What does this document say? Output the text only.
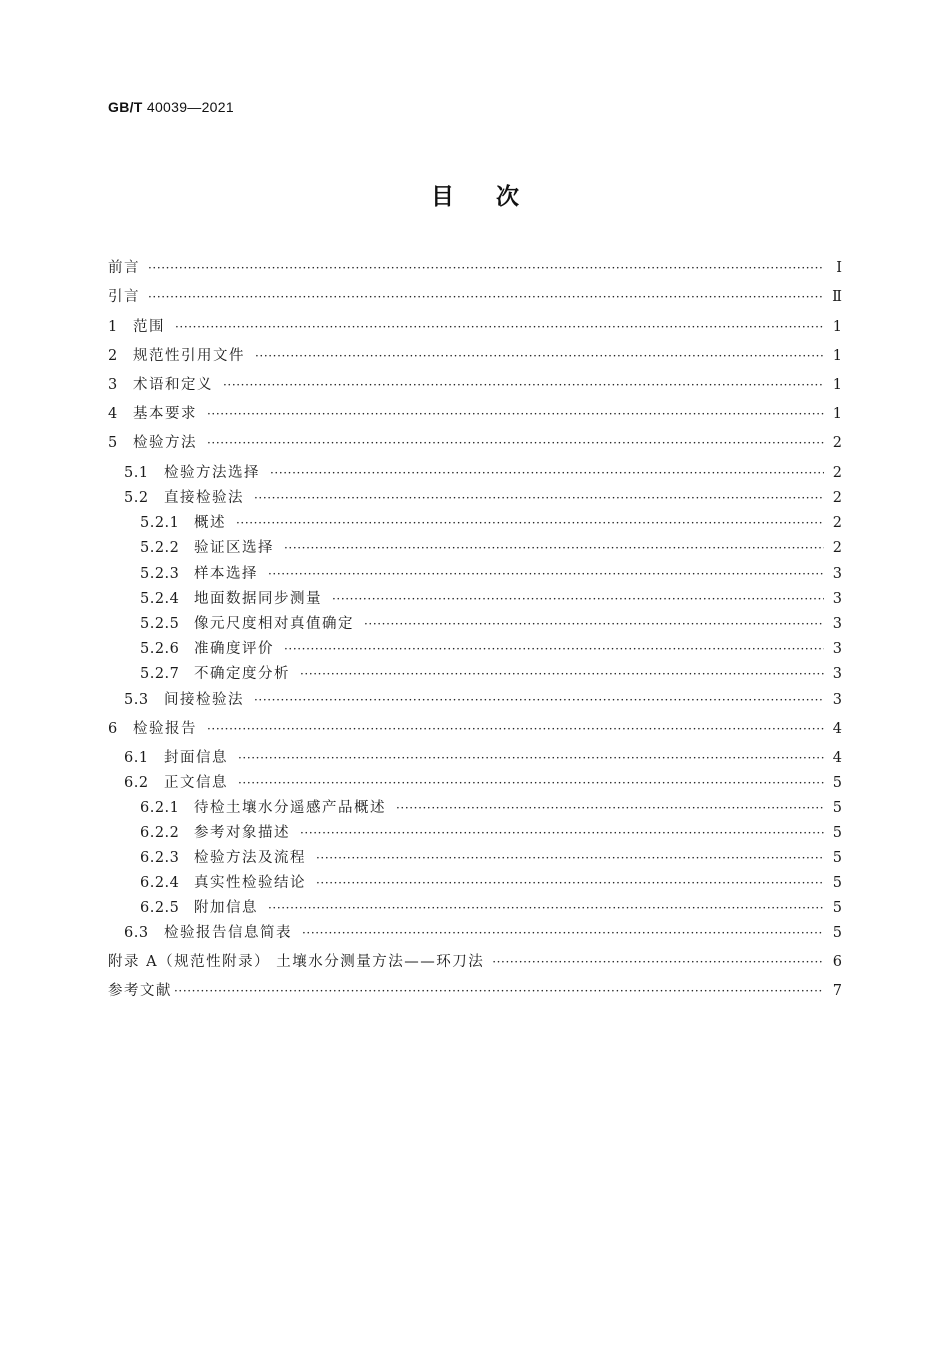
GB/T 40039—2021
目次
前言 ·····	Ⅰ
引言 ·····	Ⅱ
1	范围 ·····	1
2	规范性引用文件 ·····	1
3	术语和定义 ·····	1
4	基本要求 ·····	1
5	检验方法 ·····	2
5.1	检验方法选择 ·····	2
5.2	直接检验法 ·····	2
5.2.1	概述 ·····	2
5.2.2	验证区选择 ·····	2
5.2.3	样本选择 ·····	3
5.2.4	地面数据同步测量 ·····	3
5.2.5	像元尺度相对真值确定 ·····	3
5.2.6	准确度评价 ·····	3
5.2.7	不确定度分析 ·····	3
5.3	间接检验法 ·····	3
6	检验报告 ·····	4
6.1	封面信息 ·····	4
6.2	正文信息 ·····	5
6.2.1	待检土壤水分遥感产品概述 ·····	5
6.2.2	参考对象描述 ·····	5
6.2.3	检验方法及流程 ·····	5
6.2.4	真实性检验结论 ·····	5
6.2.5	附加信息 ·····	5
6.3	检验报告信息简表 ·····	5
附录 A（规范性附录） 土壤水分测量方法——环刀法 ·····	6
参考文献 ·····	7
